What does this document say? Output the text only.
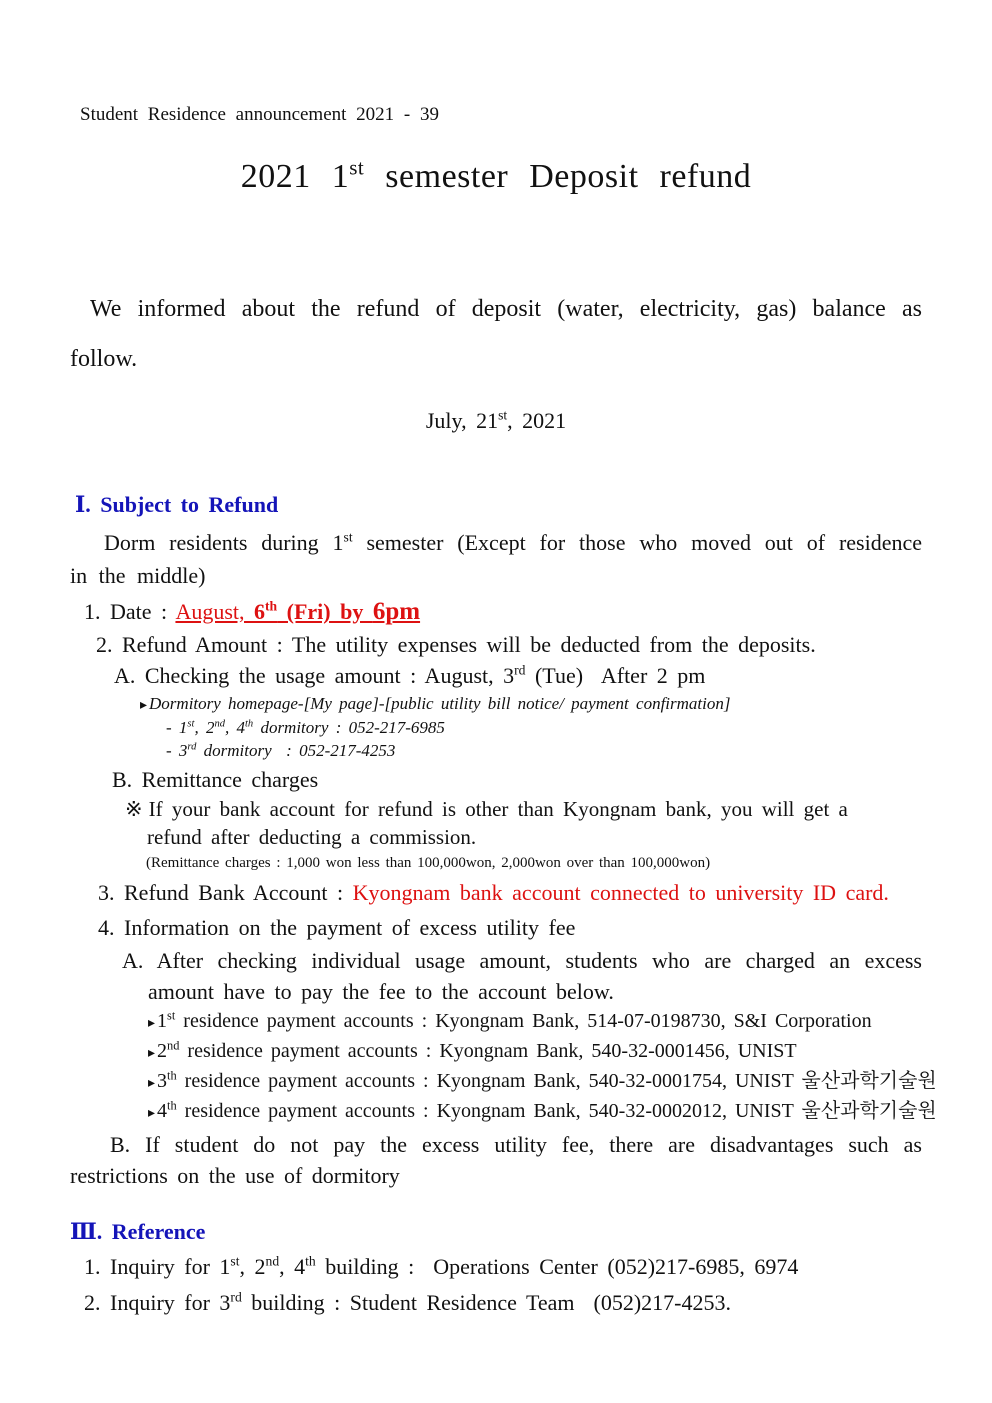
Student Residence announcement 2021 - 39
2021 1st semester Deposit refund

We informed about the refund of deposit (water, electricity, gas) balance as follow.

July, 21st, 2021
Ⅰ. Subject to Refund

Dorm residents during 1st semester (Except for those who moved out of residence in the middle)

1. Date : August, 6th (Fri) by 6pm
2. Refund Amount : The utility expenses will be deducted from the deposits.
A. Checking the usage amount : August, 3rd (Tue)  After 2 pm
▸ Dormitory homepage-[My page]-[public utility bill notice/ payment confirmation]
- 1st, 2nd, 4th dormitory : 052-217-6985
- 3rd dormitory  : 052-217-4253
B. Remittance charges
※ If your bank account for refund is other than Kyongnam bank, you will get a refund after deducting a commission.
(Remittance charges : 1,000 won less than 100,000won, 2,000won over than 100,000won)
3. Refund Bank Account : Kyongnam bank account connected to university ID card.
4. Information on the payment of excess utility fee

A. After checking individual usage amount, students who are charged an excess amount have to pay the fee to the account below.

▸ 1st residence payment accounts : Kyongnam Bank, 514-07-0198730, S&I Corporation
▸ 2nd residence payment accounts : Kyongnam Bank, 540-32-0001456, UNIST
▸ 3th residence payment accounts : Kyongnam Bank, 540-32-0001754, UNIST 울산과학기술원
▸ 4th residence payment accounts : Kyongnam Bank, 540-32-0002012, UNIST 울산과학기술원

B. If student do not pay the excess utility fee, there are disadvantages such as restrictions on the use of dormitory

Ⅲ. Reference
1. Inquiry for 1st, 2nd, 4th building :  Operations Center (052)217-6985, 6974
2. Inquiry for 3rd building : Student Residence Team  (052)217-4253.
